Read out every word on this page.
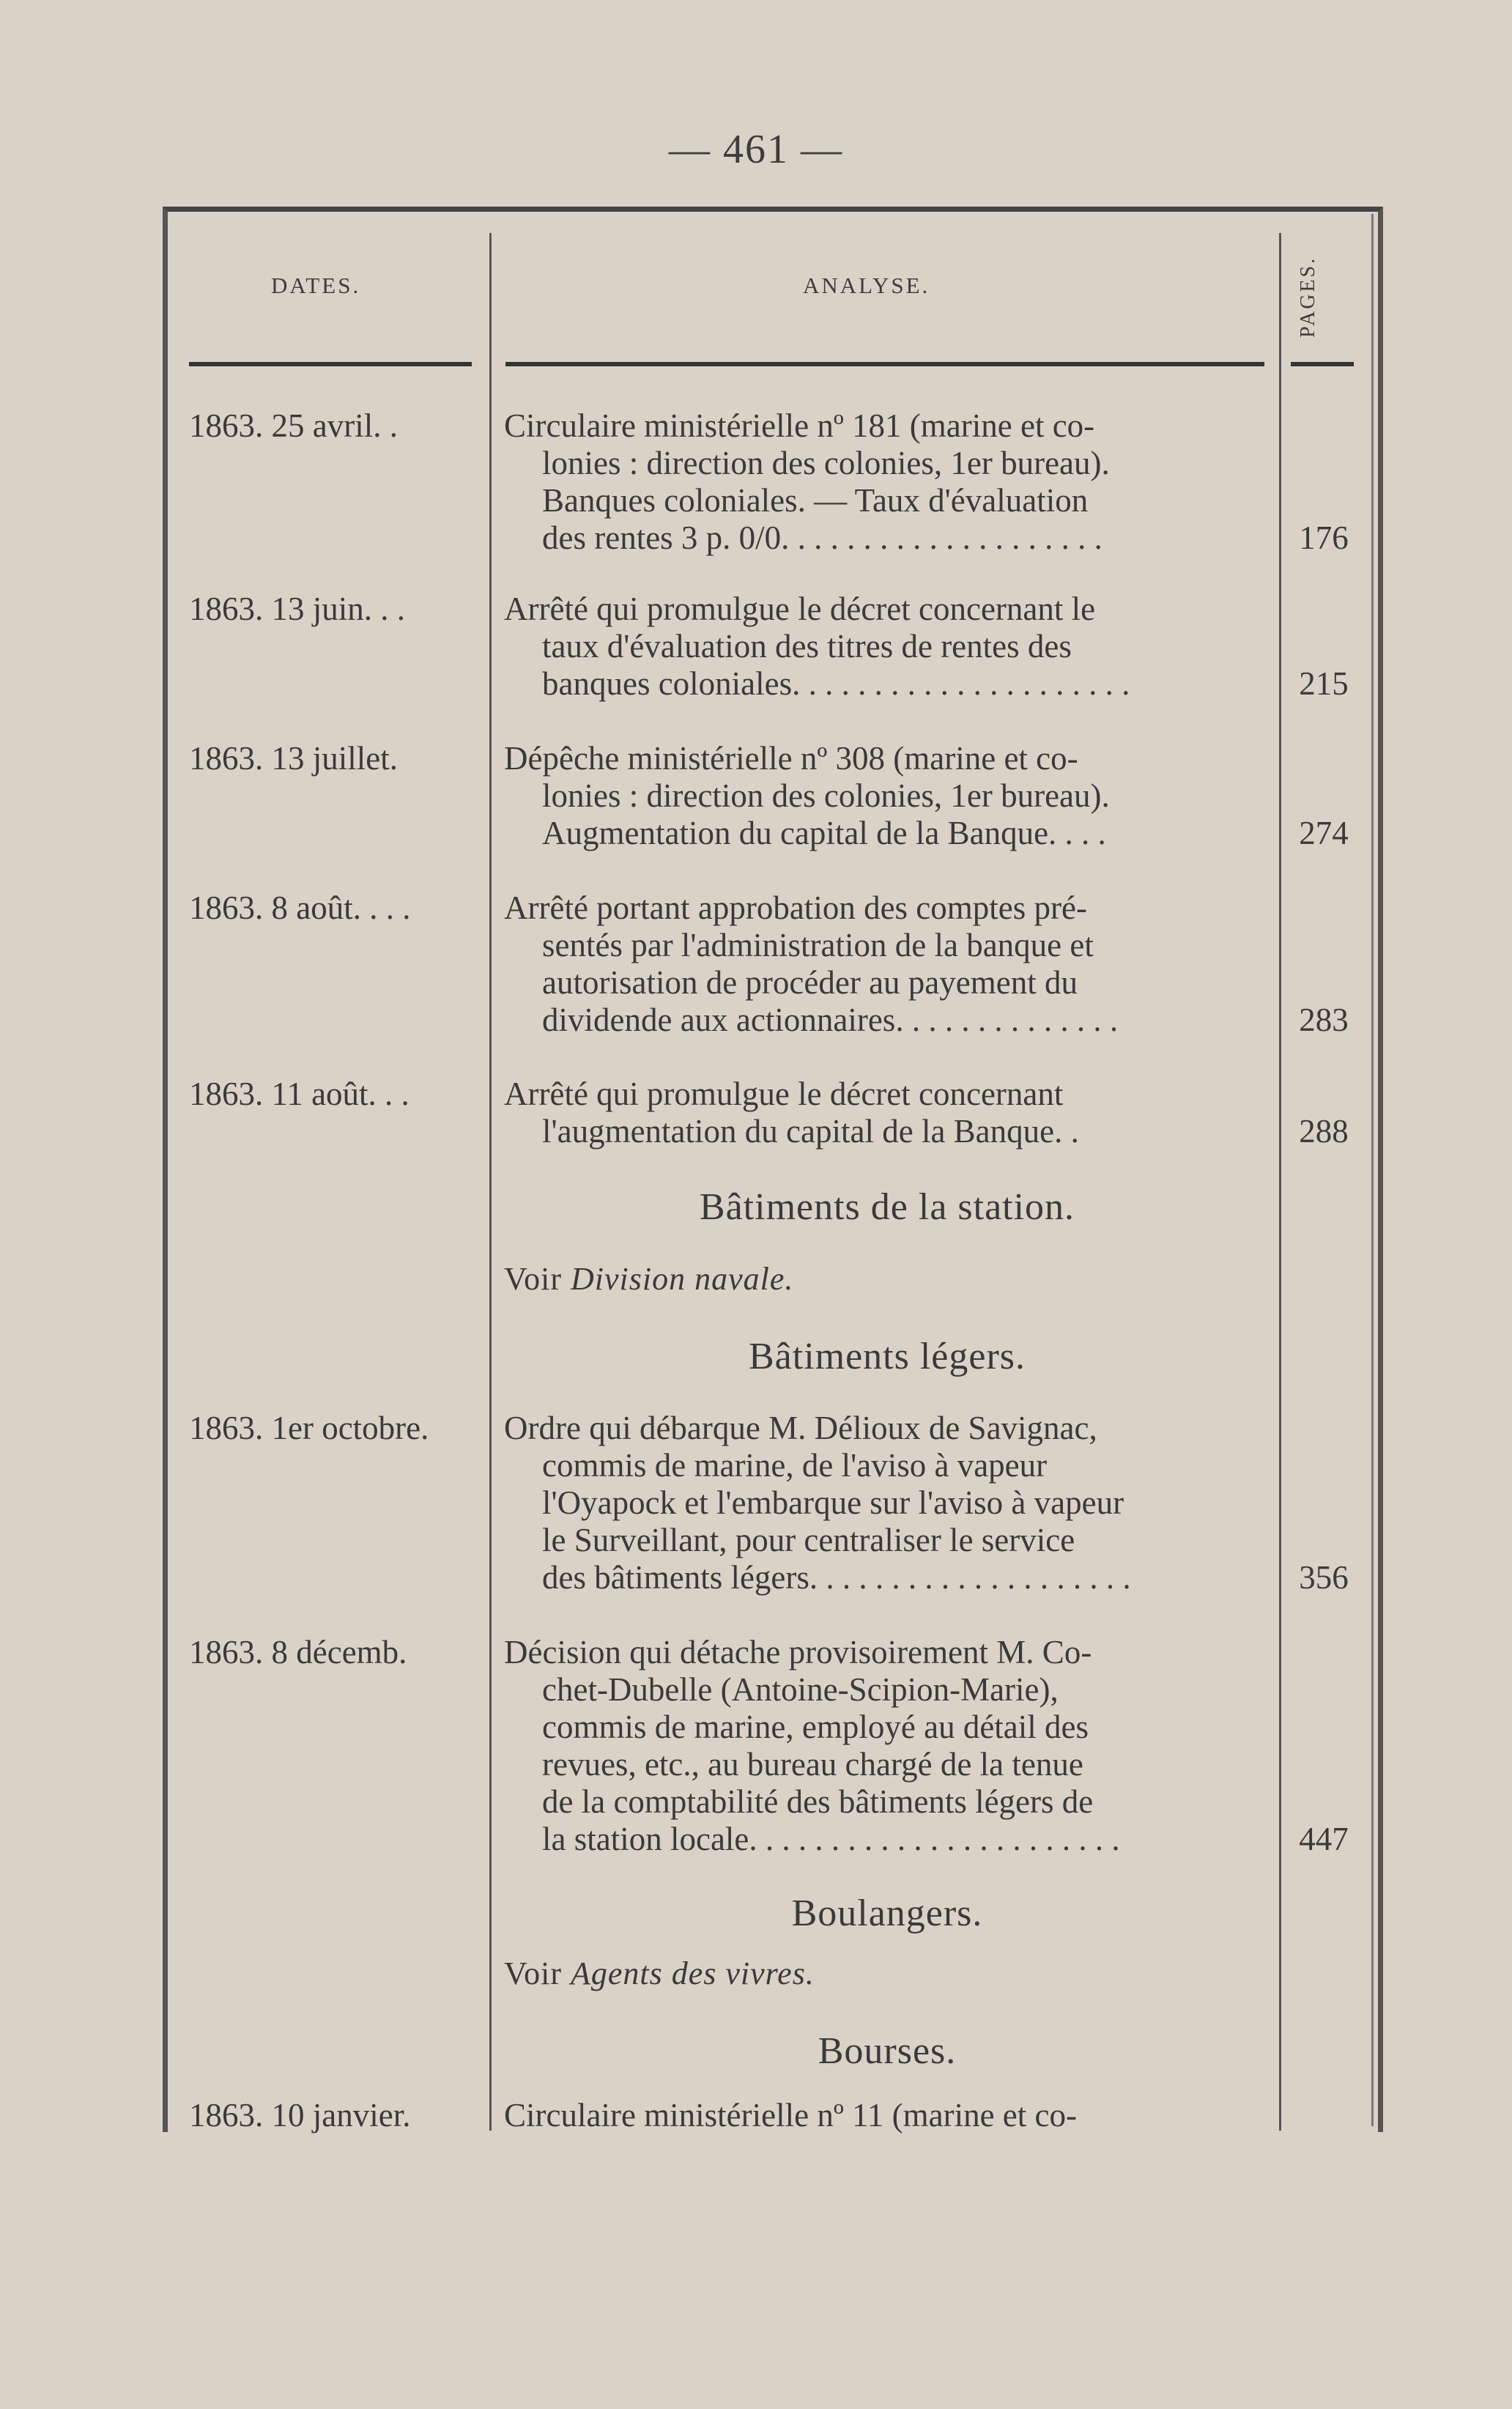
— 461 —
DATES.	ANALYSE.	PAGES.
1863. 25 avril. .	Circulaire ministérielle nº 181 (marine et co-
lonies : direction des colonies, 1er bureau).
Banques coloniales. — Taux d'évaluation
des rentes 3 p. 0/0. . . . . . . . . . . . . . . . . . . .	176
1863. 13 juin. . .	Arrêté qui promulgue le décret concernant le
taux d'évaluation des titres de rentes des
banques coloniales. . . . . . . . . . . . . . . . . . . . .	215
1863. 13 juillet.	Dépêche ministérielle nº 308 (marine et co-
lonies : direction des colonies, 1er bureau).
Augmentation du capital de la Banque. . . .	274
1863. 8 août. . . .	Arrêté portant approbation des comptes pré-
sentés par l'administration de la banque et
autorisation de procéder au payement du
dividende aux actionnaires. . . . . . . . . . . . . .	283
1863. 11 août. . .	Arrêté qui promulgue le décret concernant
l'augmentation du capital de la Banque. .	288
Bâtiments de la station.
Voir Division navale.
Bâtiments légers.
1863. 1er octobre.	Ordre qui débarque M. Délioux de Savignac,
commis de marine, de l'aviso à vapeur
l'Oyapock et l'embarque sur l'aviso à vapeur
le Surveillant, pour centraliser le service
des bâtiments légers. . . . . . . . . . . . . . . . . . . .	356
1863. 8 décemb.	Décision qui détache provisoirement M. Co-
chet-Dubelle (Antoine-Scipion-Marie),
commis de marine, employé au détail des
revues, etc., au bureau chargé de la tenue
de la comptabilité des bâtiments légers de
la station locale. . . . . . . . . . . . . . . . . . . . . . .	447
Boulangers.
Voir Agents des vivres.
Bourses.
1863. 10 janvier.	Circulaire ministérielle nº 11 (marine et co-
